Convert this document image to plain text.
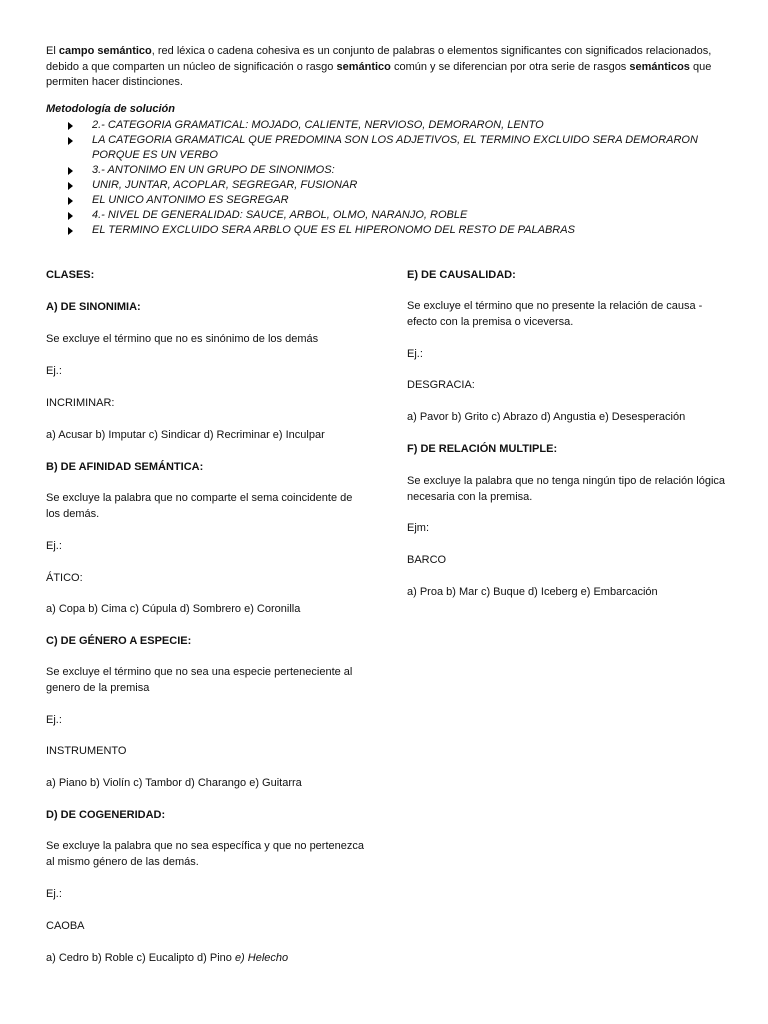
El campo semántico, red léxica o cadena cohesiva es un conjunto de palabras o elementos significantes con significados relacionados, debido a que comparten un núcleo de significación o rasgo semántico común y se diferencian por otra serie de rasgos semánticos que permiten hacer distinciones.
Metodología de solución
2.- CATEGORIA GRAMATICAL: MOJADO, CALIENTE, NERVIOSO, DEMORARON, LENTO
LA CATEGORIA GRAMATICAL QUE PREDOMINA SON LOS ADJETIVOS, EL TERMINO EXCLUIDO SERA DEMORARON PORQUE ES UN VERBO
3.- ANTONIMO EN UN GRUPO DE SINONIMOS:
UNIR, JUNTAR, ACOPLAR, SEGREGAR, FUSIONAR
EL UNICO ANTONIMO ES SEGREGAR
4.- NIVEL DE GENERALIDAD: SAUCE, ARBOL, OLMO, NARANJO, ROBLE
EL TERMINO EXCLUIDO SERA ARBLO QUE ES EL HIPERONOMO DEL RESTO DE PALABRAS

CLASES:

A) DE SINONIMIA:

Se excluye el término que no es sinónimo de los demás

Ej.:

INCRIMINAR:

a) Acusar b) Imputar c) Sindicar d) Recriminar e) Inculpar

B) DE AFINIDAD SEMÁNTICA:

Se excluye la palabra que no comparte el sema coincidente de los demás.

Ej.:

ÁTICO:

a) Copa b) Cima c) Cúpula d) Sombrero e) Coronilla

C) DE GÉNERO A ESPECIE:

Se excluye el término que no sea una especie perteneciente al genero de la premisa

Ej.:

INSTRUMENTO

a) Piano b) Violín c) Tambor d) Charango e) Guitarra

D) DE COGENERIDAD:

Se excluye la palabra que no sea específica y que no pertenezca al mismo género de las demás.

Ej.:

CAOBA

a) Cedro b) Roble c) Eucalipto d) Pino e) Helecho

E) DE CAUSALIDAD:

Se excluye el término que no presente la relación de causa - efecto con la premisa o viceversa.

Ej.:

DESGRACIA:

a) Pavor b) Grito c) Abrazo d) Angustia e) Desesperación

F) DE RELACIÓN MULTIPLE:

Se excluye la palabra que no tenga ningún tipo de relación lógica necesaria con la premisa.

Ejm:

BARCO

a) Proa b) Mar c) Buque d) Iceberg e) Embarcación
